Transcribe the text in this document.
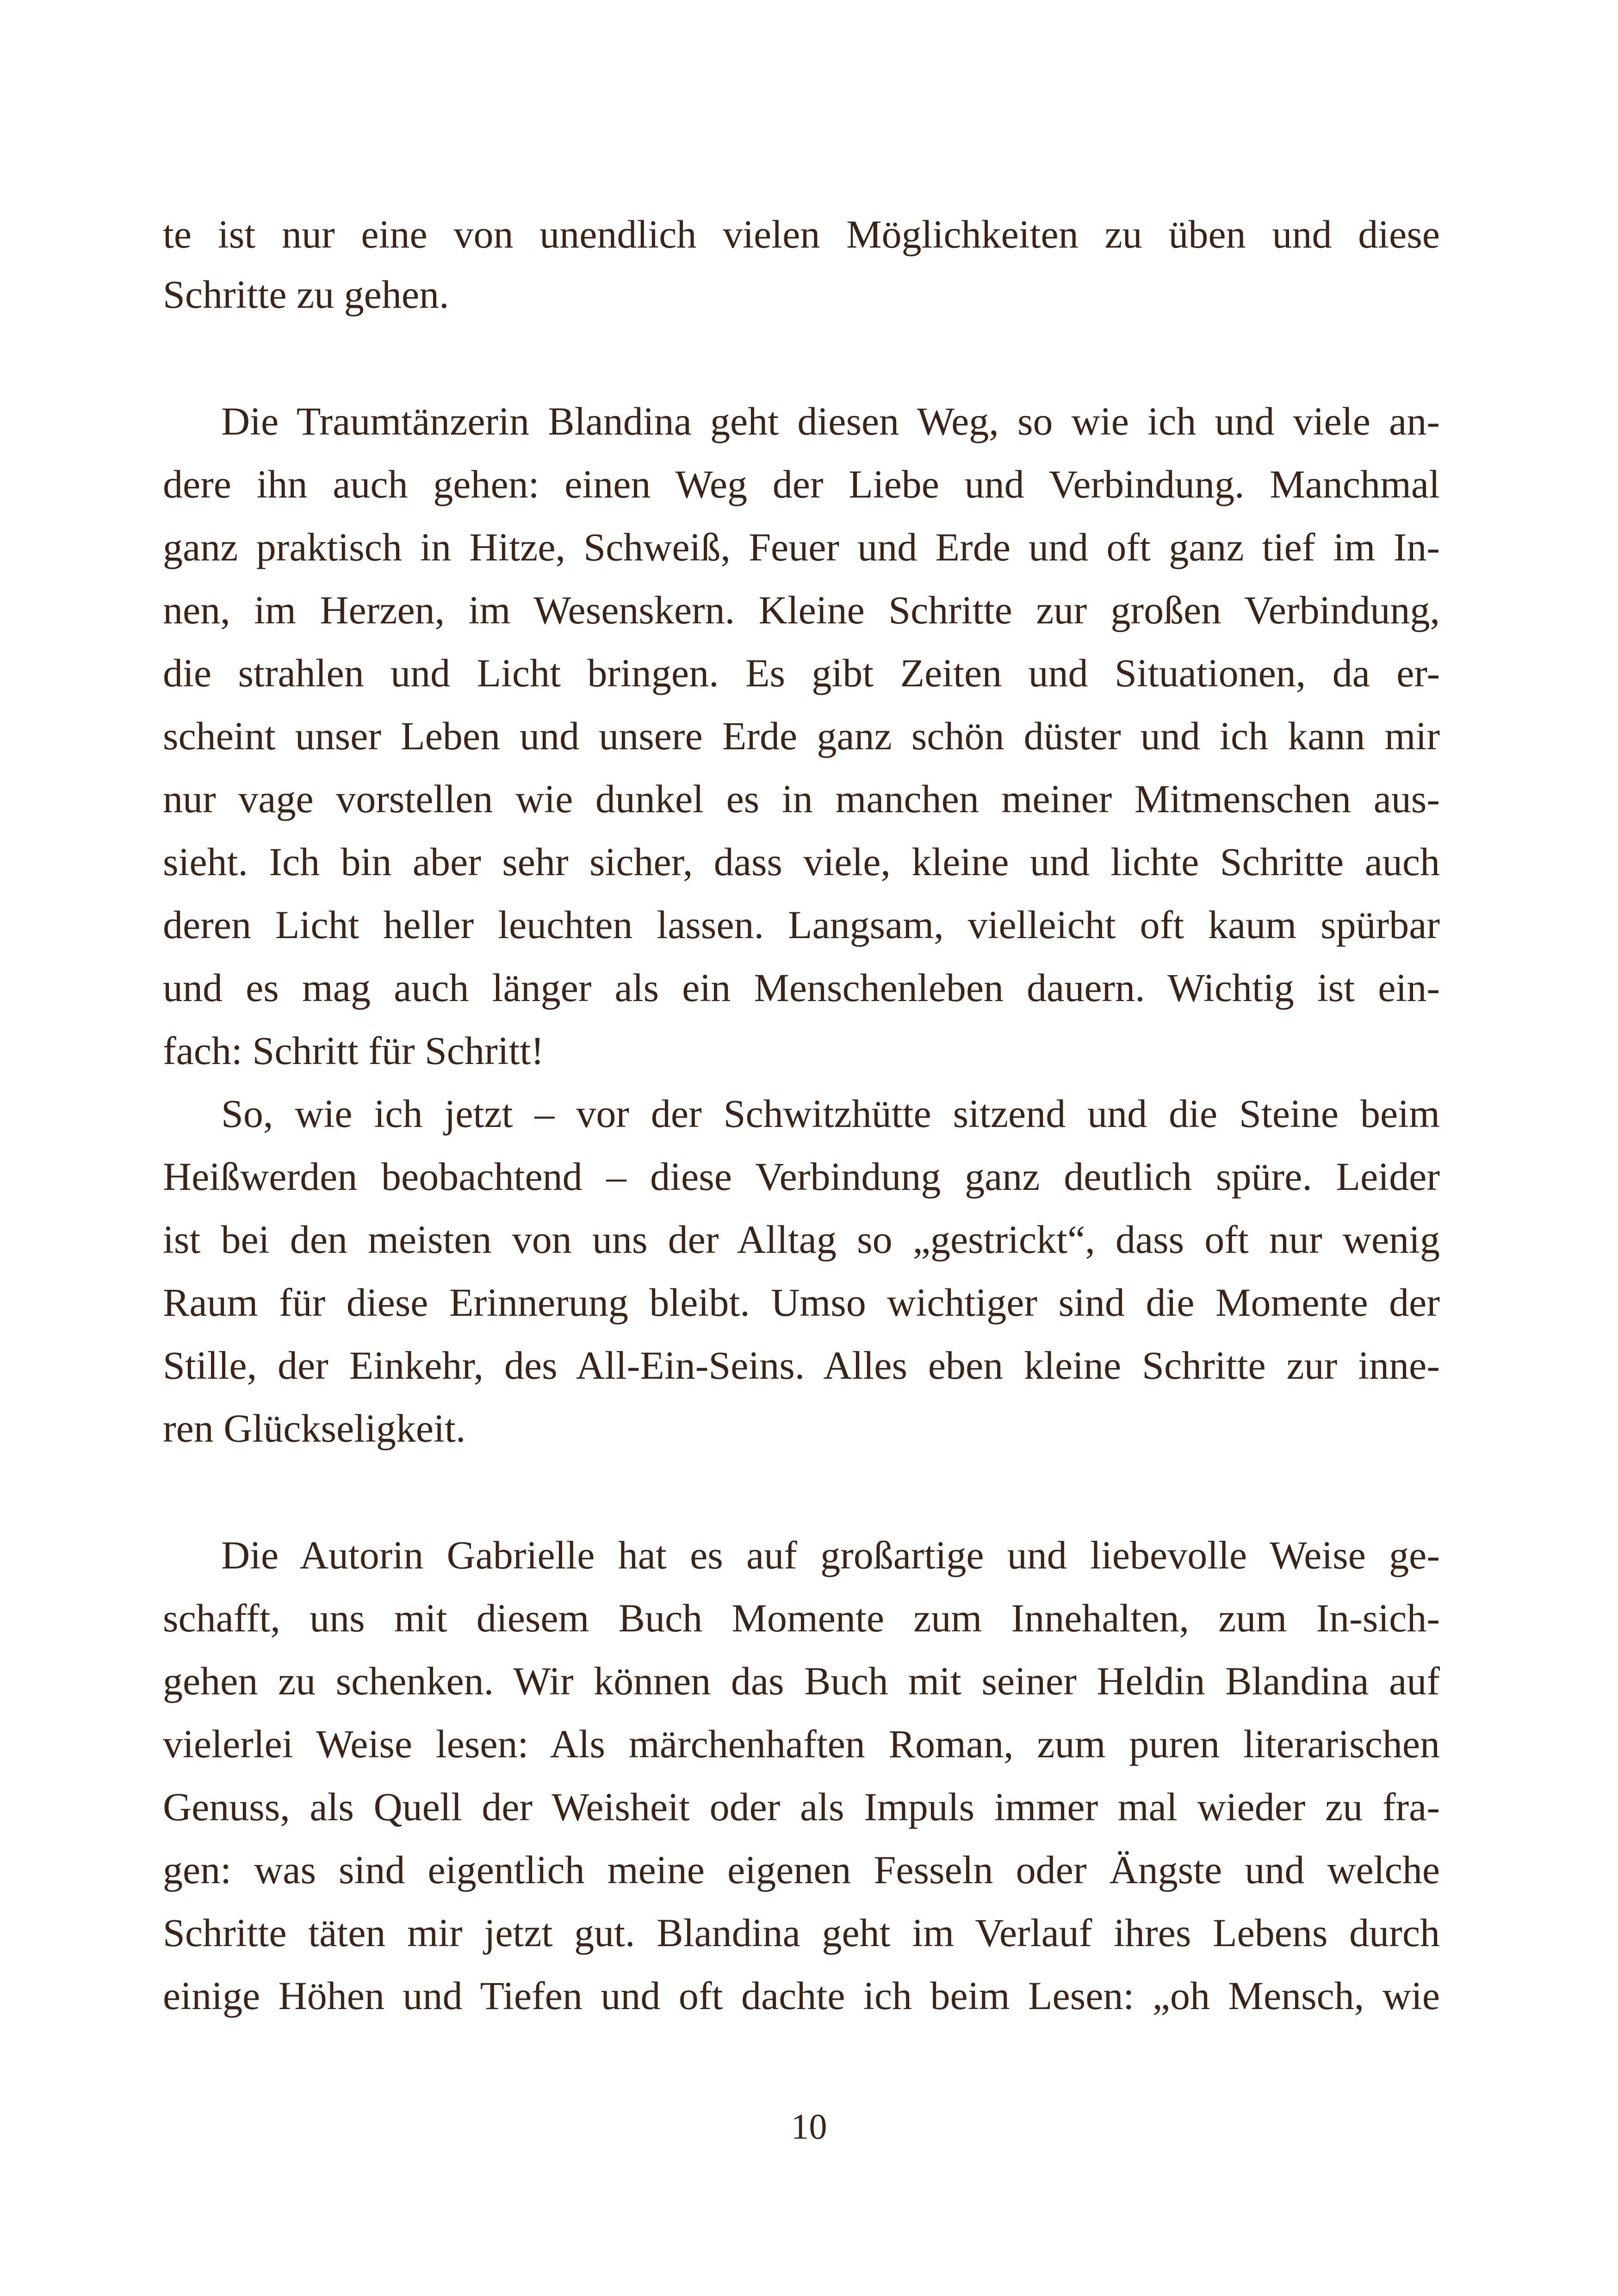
te ist nur eine von unendlich vielen Möglichkeiten zu üben und diese

Schritte zu gehen.

Die Traumtänzerin Blandina geht diesen Weg, so wie ich und viele an-

dere ihn auch gehen: einen Weg der Liebe und Verbindung. Manchmal

ganz praktisch in Hitze, Schweiß, Feuer und Erde und oft ganz tief im In-

nen, im Herzen, im Wesenskern. Kleine Schritte zur großen Verbindung,

die strahlen und Licht bringen. Es gibt Zeiten und Situationen, da er-

scheint unser Leben und unsere Erde ganz schön düster und ich kann mir

nur vage vorstellen wie dunkel es in manchen meiner Mitmenschen aus-

sieht. Ich bin aber sehr sicher, dass viele, kleine und lichte Schritte auch

deren Licht heller leuchten lassen. Langsam, vielleicht oft kaum spürbar

und es mag auch länger als ein Menschenleben dauern. Wichtig ist ein-

fach: Schritt für Schritt!

So, wie ich jetzt – vor der Schwitzhütte sitzend und die Steine beim

Heißwerden beobachtend – diese Verbindung ganz deutlich spüre. Leider

ist bei den meisten von uns der Alltag so „gestrickt“, dass oft nur wenig

Raum für diese Erinnerung bleibt. Umso wichtiger sind die Momente der

Stille, der Einkehr, des All-Ein-Seins. Alles eben kleine Schritte zur inne-

ren Glückseligkeit.

Die Autorin Gabrielle hat es auf großartige und liebevolle Weise ge-

schafft, uns mit diesem Buch Momente zum Innehalten, zum In-sich-

gehen zu schenken. Wir können das Buch mit seiner Heldin Blandina auf

vielerlei Weise lesen: Als märchenhaften Roman, zum puren literarischen

Genuss, als Quell der Weisheit oder als Impuls immer mal wieder zu fra-

gen: was sind eigentlich meine eigenen Fesseln oder Ängste und welche

Schritte täten mir jetzt gut. Blandina geht im Verlauf ihres Lebens durch

einige Höhen und Tiefen und oft dachte ich beim Lesen: „oh Mensch, wie

10
